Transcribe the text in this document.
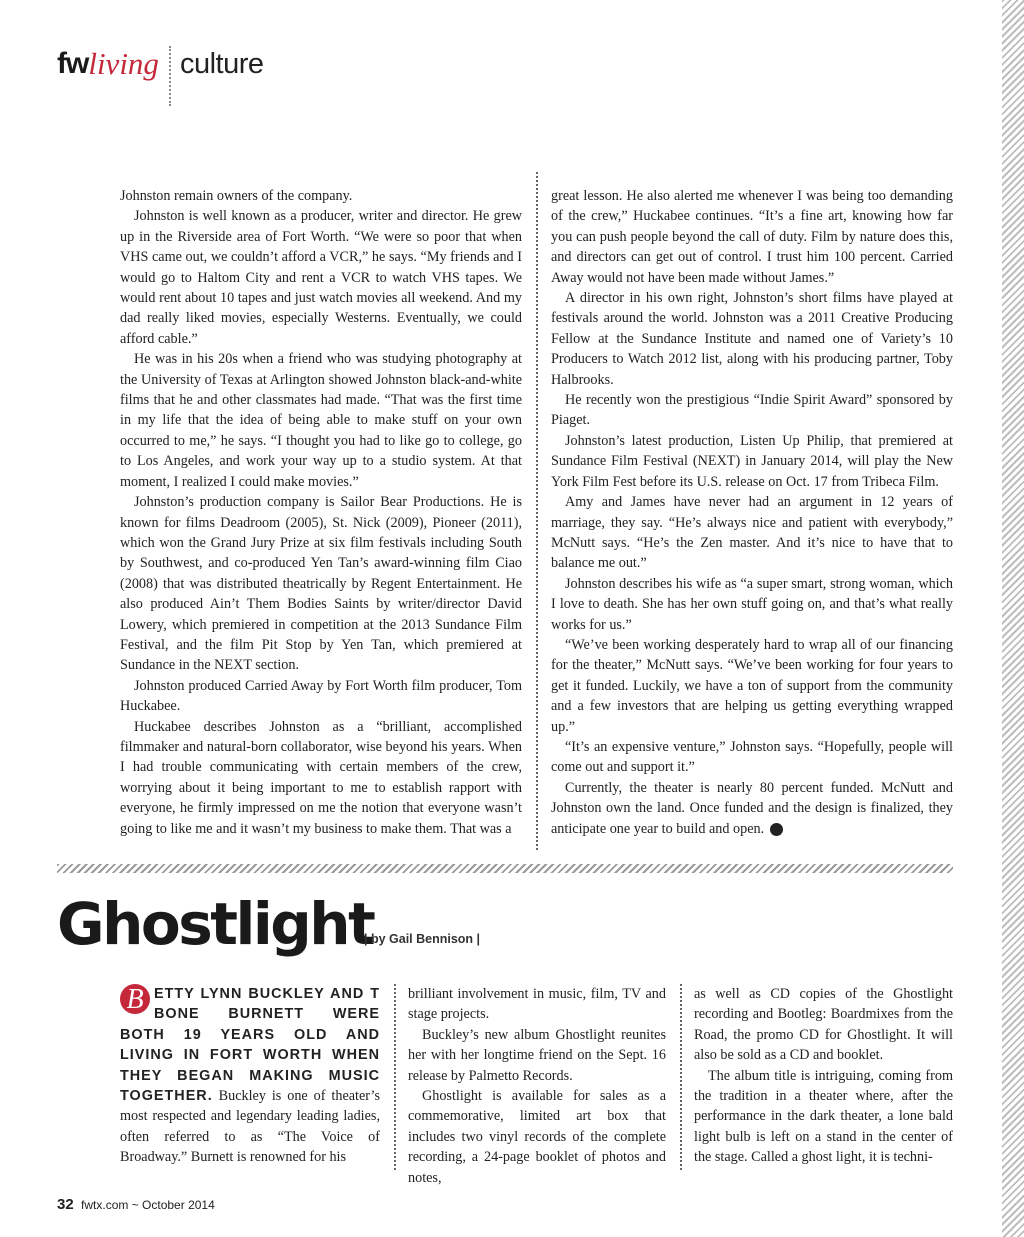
fw living culture

Johnston remain owners of the company.

Johnston is well known as a producer, writer and director. He grew up in the Riverside area of Fort Worth. “We were so poor that when VHS came out, we couldn’t afford a VCR,” he says. “My friends and I would go to Haltom City and rent a VCR to watch VHS tapes. We would rent about 10 tapes and just watch movies all weekend. And my dad really liked movies, especially Westerns. Eventually, we could afford cable.”

He was in his 20s when a friend who was studying photography at the University of Texas at Arlington showed Johnston black-and-white films that he and other classmates had made. “That was the first time in my life that the idea of being able to make stuff on your own occurred to me,” he says. “I thought you had to like go to college, go to Los Angeles, and work your way up to a studio system. At that moment, I realized I could make movies.”

Johnston’s production company is Sailor Bear Productions. He is known for films Deadroom (2005), St. Nick (2009), Pioneer (2011), which won the Grand Jury Prize at six film festivals including South by Southwest, and co-produced Yen Tan’s award-winning film Ciao (2008) that was distributed theatrically by Regent Entertainment. He also produced Ain’t Them Bodies Saints by writer/director David Lowery, which premiered in competition at the 2013 Sundance Film Festival, and the film Pit Stop by Yen Tan, which premiered at Sundance in the NEXT section.

Johnston produced Carried Away by Fort Worth film producer, Tom Huckabee.

Huckabee describes Johnston as a “brilliant, accomplished filmmaker and natural-born collaborator, wise beyond his years. When I had trouble communicating with certain members of the crew, worrying about it being important to me to establish rapport with everyone, he firmly impressed on me the notion that everyone wasn’t going to like me and it wasn’t my business to make them. That was a

great lesson. He also alerted me whenever I was being too demanding of the crew,” Huckabee continues. “It’s a fine art, knowing how far you can push people beyond the call of duty. Film by nature does this, and directors can get out of control. I trust him 100 percent. Carried Away would not have been made without James.”

A director in his own right, Johnston’s short films have played at festivals around the world. Johnston was a 2011 Creative Producing Fellow at the Sundance Institute and named one of Variety’s 10 Producers to Watch 2012 list, along with his producing partner, Toby Halbrooks.

He recently won the prestigious “Indie Spirit Award” sponsored by Piaget.

Johnston’s latest production, Listen Up Philip, that premiered at Sundance Film Festival (NEXT) in January 2014, will play the New York Film Fest before its U.S. release on Oct. 17 from Tribeca Film.

Amy and James have never had an argument in 12 years of marriage, they say. “He’s always nice and patient with everybody,” McNutt says. “He’s the Zen master. And it’s nice to have that to balance me out.”

Johnston describes his wife as “a super smart, strong woman, which I love to death. She has her own stuff going on, and that’s what really works for us.”

“We’ve been working desperately hard to wrap all of our financing for the theater,” McNutt says. “We’ve been working for four years to get it funded. Luckily, we have a ton of support from the community and a few investors that are helping us getting everything wrapped up.”

“It’s an expensive venture,” Johnston says. “Hopefully, people will come out and support it.”

Currently, the theater is nearly 80 percent funded. McNutt and Johnston own the land. Once funded and the design is finalized, they anticipate one year to build and open.	fw

Ghostlight
| by Gail Bennison |

B ETTY LYNN BUCKLEY AND T BONE BURNETT WERE BOTH 19 YEARS OLD AND LIVING IN FORT WORTH WHEN THEY BEGAN MAKING MUSIC TOGETHER. Buckley is one of theater’s most respected and legendary leading ladies, often referred to as “The Voice of Broadway.” Burnett is renowned for his

brilliant involvement in music, film, TV and stage projects.

Buckley’s new album Ghostlight reunites her with her longtime friend on the Sept. 16 release by Palmetto Records.

Ghostlight is available for sales as a commemorative, limited art box that includes two vinyl records of the complete recording, a 24-page booklet of photos and notes,

as well as CD copies of the Ghostlight recording and Bootleg: Boardmixes from the Road, the promo CD for Ghostlight. It will also be sold as a CD and booklet.

The album title is intriguing, coming from the tradition in a theater where, after the performance in the dark theater, a lone bald light bulb is left on a stand in the center of the stage. Called a ghost light, it is techni-

32 fwtx.com ~ October 2014
